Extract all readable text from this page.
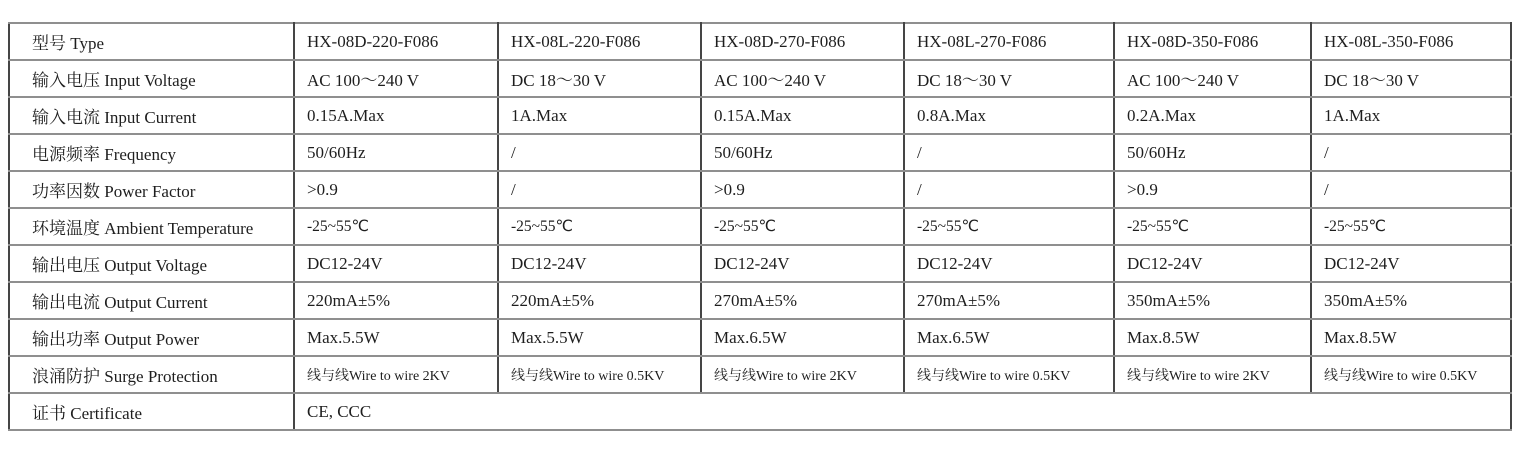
型号 Type	HX-08D-220-F086	HX-08L-220-F086	HX-08D-270-F086	HX-08L-270-F086	HX-08D-350-F086	HX-08L-350-F086
输入电压 Input Voltage	AC 100～240 V	DC 18～30 V	AC 100～240 V	DC 18～30 V	AC 100～240 V	DC 18～30 V
输入电流 Input Current	0.15A.Max	1A.Max	0.15A.Max	0.8A.Max	0.2A.Max	1A.Max
电源频率 Frequency	50/60Hz	/	50/60Hz	/	50/60Hz	/
功率因数 Power Factor	>0.9	/	>0.9	/	>0.9	/
环境温度 Ambient Temperature	-25~55℃	-25~55℃	-25~55℃	-25~55℃	-25~55℃	-25~55℃
输出电压 Output Voltage	DC12-24V	DC12-24V	DC12-24V	DC12-24V	DC12-24V	DC12-24V
输出电流 Output Current	220mA±5%	220mA±5%	270mA±5%	270mA±5%	350mA±5%	350mA±5%
输出功率 Output Power	Max.5.5W	Max.5.5W	Max.6.5W	Max.6.5W	Max.8.5W	Max.8.5W
浪涌防护 Surge Protection	线与线Wire to wire 2KV	线与线Wire to wire 0.5KV	线与线Wire to wire 2KV	线与线Wire to wire 0.5KV	线与线Wire to wire 2KV	线与线Wire to wire 0.5KV
证书 Certificate	CE, CCC					
